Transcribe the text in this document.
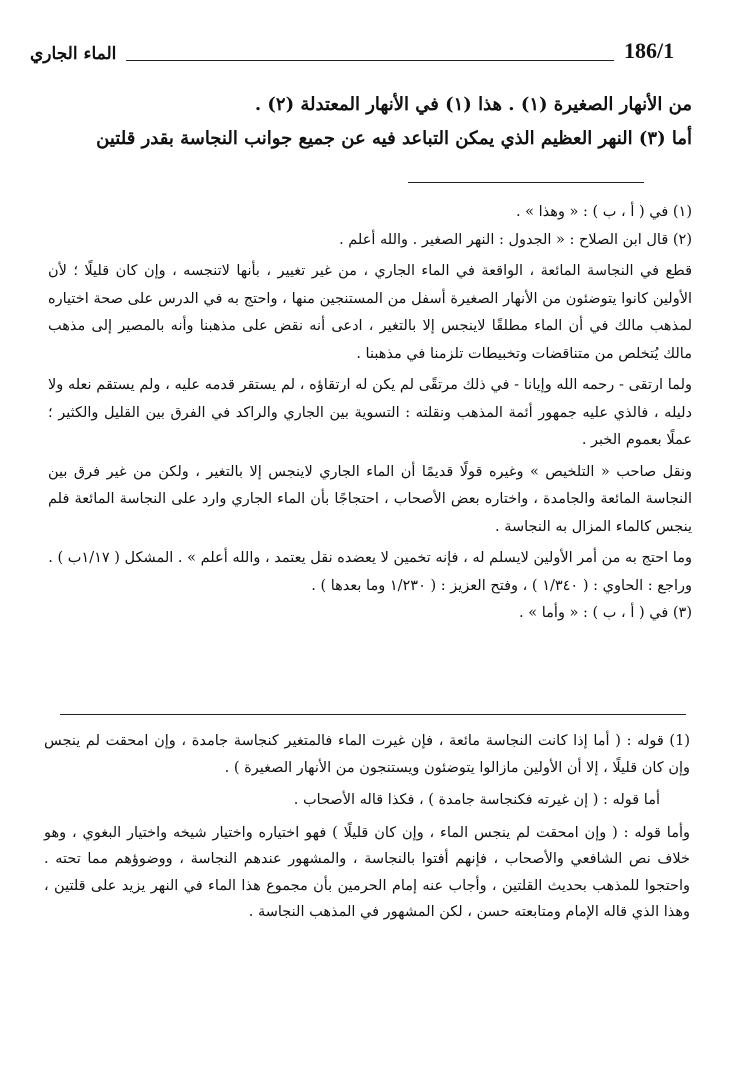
186/1
الماء الجاري

من الأنهار الصغيرة (١) . هذا (١) في الأنهار المعتدلة (٢) .

أما (٣) النهر العظيم الذي يمكن التباعد فيه عن جميع جوانب النجاسة بقدر قلتين

(١) في ( أ ، ب ) : « وهذا » .

(٢) قال ابن الصلاح : « الجدول : النهر الصغير . والله أعلم .

قطع في النجاسة المائعة ، الواقعة في الماء الجاري ، من غير تغيير ، بأنها لاتنجسه ، وإن كان قليلًا ؛ لأن الأولين كانوا يتوضئون من الأنهار الصغيرة أسفل من المستنجين منها ، واحتج به في الدرس على صحة اختياره لمذهب مالك في أن الماء مطلقًا لاينجس إلا بالتغير ، ادعى أنه نقض على مذهبنا وأنه بالمصير إلى مذهب مالك يُتخلص من متناقضات وتخبيطات تلزمنا في مذهبنا .

ولما ارتقى - رحمه الله وإيانا - في ذلك مرتقًى لم يكن له ارتقاؤه ، لم يستقر قدمه عليه ، ولم يستقم نعله ولا دليله ، فالذي عليه جمهور أئمة المذهب ونقلته : التسوية بين الجاري والراكد في الفرق بين القليل والكثير ؛ عملًا بعموم الخبر .

ونقل صاحب « التلخيص » وغيره قولًا قديمًا أن الماء الجاري لاينجس إلا بالتغير ، ولكن من غير فرق بين النجاسة المائعة والجامدة ، واختاره بعض الأصحاب ، احتجاجًا بأن الماء الجاري وارد على النجاسة المائعة فلم ينجس كالماء المزال به النجاسة .

وما احتج به من أمر الأولين لايسلم له ، فإنه تخمين لا يعضده نقل يعتمد ، والله أعلم » . المشكل ( ١/١٧ب ) .

وراجع : الحاوي : ( ١/٣٤٠ ) ، وفتح العزيز : ( ١/٢٣٠ وما بعدها ) .

(٣) في ( أ ، ب ) : « وأما » .

(1) قوله : ( أما إذا كانت النجاسة مائعة ، فإن غيرت الماء فالمتغير كنجاسة جامدة ، وإن امحقت لم ينجس وإن كان قليلًا ، إلا أن الأولين مازالوا يتوضئون ويستنجون من الأنهار الصغيرة ) .

أما قوله : ( إن غيرته فكنجاسة جامدة ) ، فكذا قاله الأصحاب .

وأما قوله : ( وإن امحقت لم ينجس الماء ، وإن كان قليلًا ) فهو اختياره واختيار شيخه واختيار البغوي ، وهو خلاف نص الشافعي والأصحاب ، فإنهم أفتوا بالنجاسة ، والمشهور عندهم النجاسة ، ووضوؤهم مما تحته . واحتجوا للمذهب بحديث القلتين ، وأجاب عنه إمام الحرمين بأن مجموع هذا الماء في النهر يزيد على قلتين ، وهذا الذي قاله الإمام ومتابعته حسن ، لكن المشهور في المذهب النجاسة .
